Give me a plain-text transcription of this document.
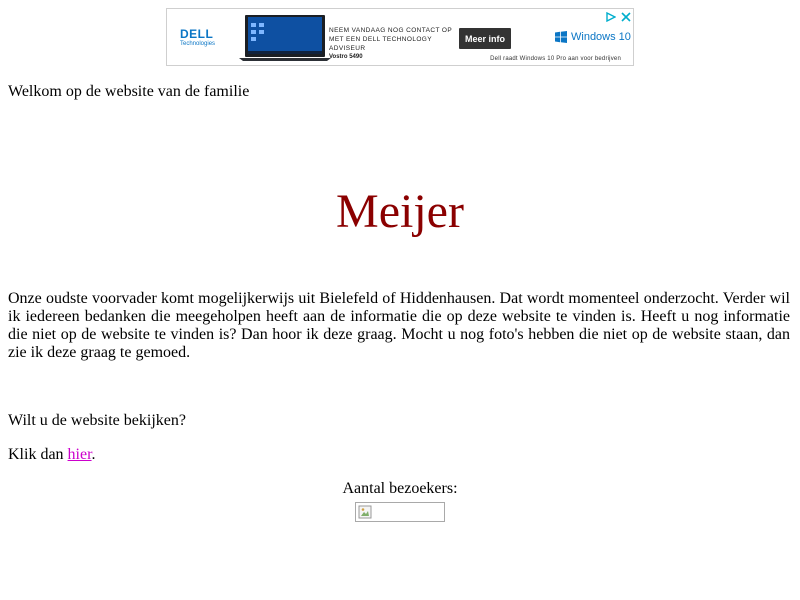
DELL
Technologies
NEEM VANDAAG NOG CONTACT OP MET EEN DELL TECHNOLOGY ADVISEUR
Vostro 5490
Meer info	Windows 10
Dell raadt Windows 10 Pro aan voor bedrijven

Welkom op de website van de familie

Meijer

Onze oudste voorvader komt mogelijkerwijs uit Bielefeld of Hiddenhausen. Dat wordt momenteel onderzocht. Verder wil ik iedereen bedanken die meegeholpen heeft aan de informatie die op deze website te vinden is. Heeft u nog informatie die niet op de website te vinden is? Dan hoor ik deze graag. Mocht u nog foto's hebben die niet op de website staan, dan zie ik deze graag te gemoed.

Wilt u de website bekijken?

Klik dan hier.

Aantal bezoekers:
